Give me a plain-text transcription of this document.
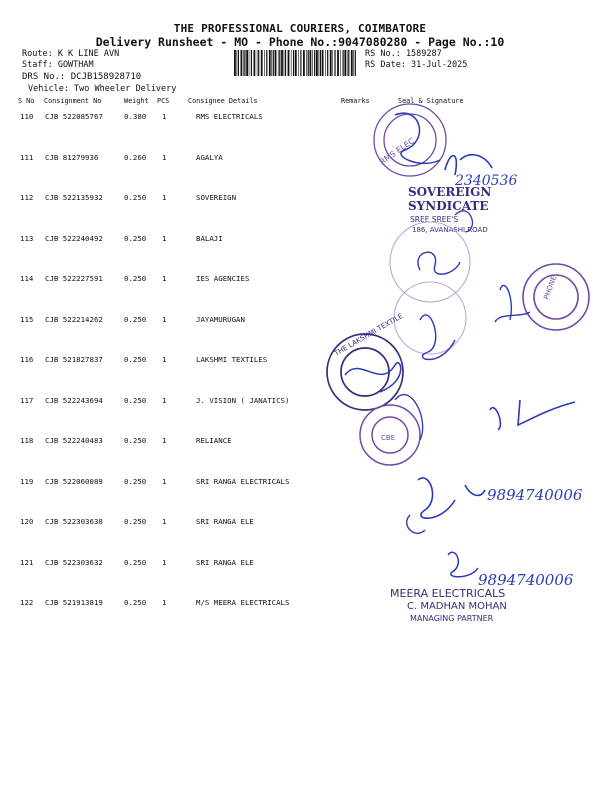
THE PROFESSIONAL COURIERS, COIMBATORE
Delivery Runsheet - MO - Phone No.:9047080280 - Page No.:10
Route: K K LINE AVN
Staff: GOWTHAM
DRS No.: DCJB158928710
Vehicle: Two Wheeler Delivery
RS No.: 1589287
RS Date: 31-Jul-2025
S No Consignment No	Weight PCS	Consignee Details	Remarks	Seal & Signature
110 CJB 522085767	0.380 1	RMS ELECTRICALS
111 CJB 81279936	0.260 1	AGALYA
112 CJB 522135932	0.250 1	SOVEREIGN
113 CJB 522240492	0.250 1	BALAJI
114 CJB 522227591	0.250 1	IES AGENCIES
115 CJB 522214262	0.250 1	JAYAMURUGAN
116 CJB 521827837	0.250 1	LAKSHMI TEXTILES
117 CJB 522243694	0.250 1	J. VISION ( JANATICS)
118 CJB 522240483	0.250 1	RELIANCE
119 CJB 522060089	0.250 1	SRI RANGA ELECTRICALS
120 CJB 522303638	0.250 1	SRI RANGA ELE
121 CJB 522303632	0.250 1	SRI RANGA ELE
122 CJB 521913819	0.250 1	M/S MEERA ELECTRICALS
RMS ELEC
2340536
SOVEREIGN
SYNDICATE
SREE SREE'S
186, AVANASHI ROAD
PHONE
THE LAKSHMI TEXTILE
CBE
9894740006
9894740006
MEERA ELECTRICALS
C. MADHAN MOHAN
MANAGING PARTNER
